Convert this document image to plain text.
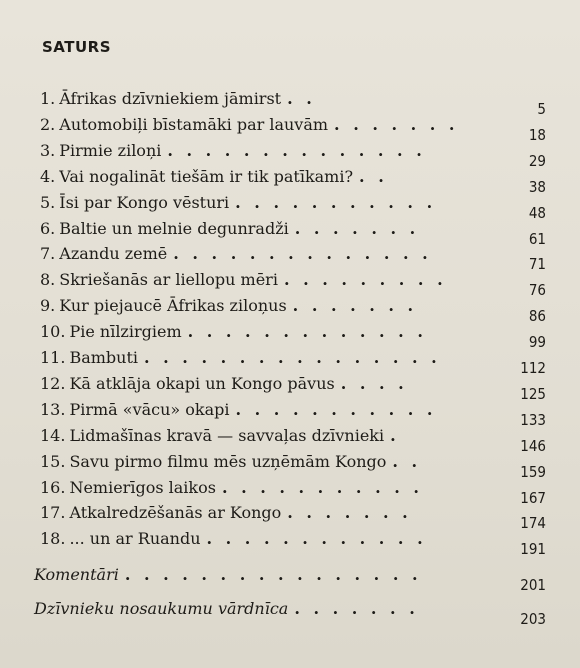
SATURS
1. Āfrikas dzīvniekiem jāmirst . .
5
2. Automobiļi bīstamāki par lauvām . . . . . . .
18
3. Pirmie ziloņi . . . . . . . . . . . . . .
29
4. Vai nogalināt tiešām ir tik patīkami? . .
38
5. Īsi par Kongo vēsturi . . . . . . . . . . .
48
6. Baltie un melnie degunradži . . . . . . .
61
7. Azandu zemē . . . . . . . . . . . . . .
71
8. Skriešanās ar liellopu mēri . . . . . . . . .
76
9. Kur piejaucē Āfrikas ziloņus . . . . . . .
86
10. Pie nīlzirgiem . . . . . . . . . . . . .
99
11. Bambuti . . . . . . . . . . . . . . . .
112
12. Kā atklāja okapi un Kongo pāvus . . . .
125
13. Pirmā «vācu» okapi . . . . . . . . . . .
133
14. Lidmašīnas kravā — savvaļas dzīvnieki .
146
15. Savu pirmo filmu mēs uzņēmām Kongo . .
159
16. Nemierīgos laikos . . . . . . . . . . .
167
17. Atkalredzēšanās ar Kongo . . . . . . .
174
18. ... un ar Ruandu . . . . . . . . . . . .
191
Komentāri . . . . . . . . . . . . . . . .
201
Dzīvnieku nosaukumu vārdnīca . . . . . . .
203
